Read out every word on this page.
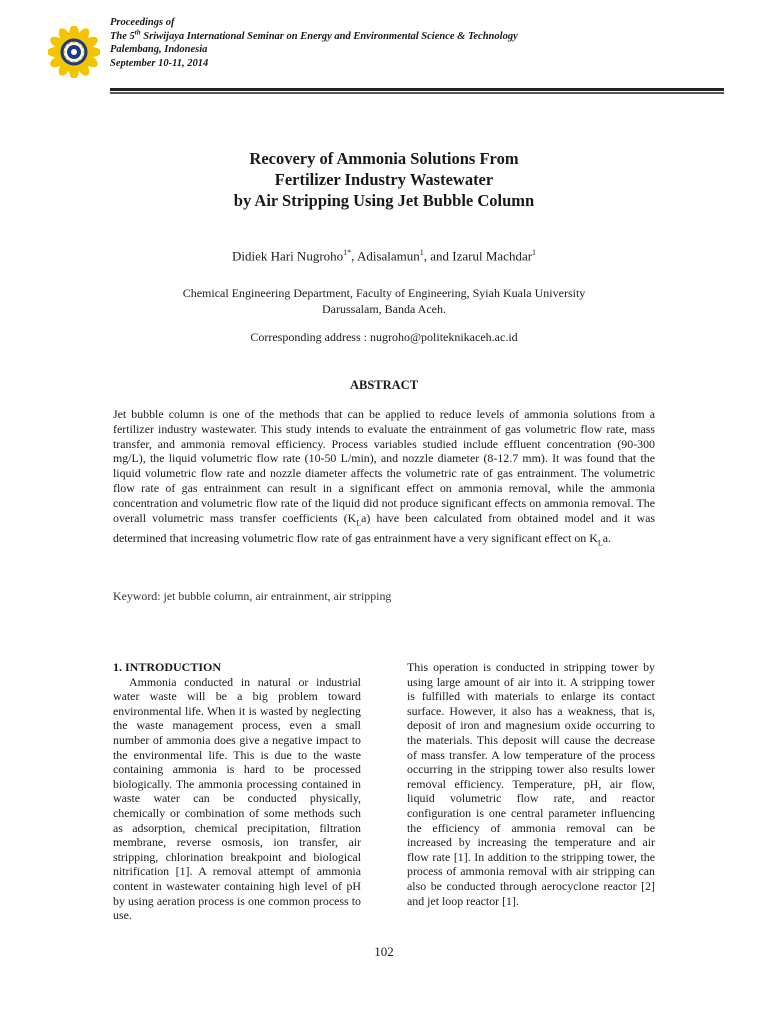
Proceedings of
The 5th Sriwijaya International Seminar on Energy and Environmental Science & Technology
Palembang, Indonesia
September 10-11, 2014
Recovery of Ammonia Solutions From
Fertilizer Industry Wastewater
by Air Stripping Using Jet Bubble Column
Didiek Hari Nugroho$^{1*}$, Adisalamun$^1$, and Izarul Machdar$^1$
Chemical Engineering Department, Faculty of Engineering, Syiah Kuala University
Darussalam, Banda Aceh.
Corresponding address : nugroho@politeknikaceh.ac.id
ABSTRACT
Jet bubble column is one of the methods that can be applied to reduce levels of ammonia solutions from a fertilizer industry wastewater. This study intends to evaluate the entrainment of gas volumetric flow rate, mass transfer, and ammonia removal efficiency. Process variables studied include effluent concentration (90-300 mg/L), the liquid volumetric flow rate (10-50 L/min), and nozzle diameter (8-12.7 mm). It was found that the liquid volumetric flow rate and nozzle diameter affects the volumetric rate of gas entrainment. The volumetric flow rate of gas entrainment can result in a significant effect on ammonia removal, while the ammonia concentration and volumetric flow rate of the liquid did not produce significant effects on ammonia removal. The overall volumetric mass transfer coefficients $(K_La)$ have been calculated from obtained model and it was determined that increasing volumetric flow rate of gas entrainment have a very significant effect on $K_La$.
Keyword: jet bubble column, air entrainment, air stripping
1. INTRODUCTION

Ammonia conducted in natural or industrial water waste will be a big problem toward environmental life. When it is wasted by neglecting the waste management process, even a small number of ammonia does give a negative impact to the environmental life. This is due to the waste containing ammonia is hard to be processed biologically. The ammonia processing contained in waste water can be conducted physically, chemically or combination of some methods such as adsorption, chemical precipitation, filtration membrane, reverse osmosis, ion transfer, air stripping, chlorination breakpoint and biological nitrification [1]. A removal attempt of ammonia content in wastewater containing high level of pH by using aeration process is one common process to use.

This operation is conducted in stripping tower by using large amount of air into it. A stripping tower is fulfilled with materials to enlarge its contact surface. However, it also has a weakness, that is, deposit of iron and magnesium oxide occurring to the materials. This deposit will cause the decrease of mass transfer. A low temperature of the process occurring in the stripping tower also results lower removal efficiency. Temperature, pH, air flow, liquid volumetric flow rate, and reactor configuration is one central parameter influencing the efficiency of ammonia removal can be increased by increasing the temperature and air flow rate [1]. In addition to the stripping tower, the process of ammonia removal with air stripping can also be conducted through aerocyclone reactor [2] and jet loop reactor [1].

102
